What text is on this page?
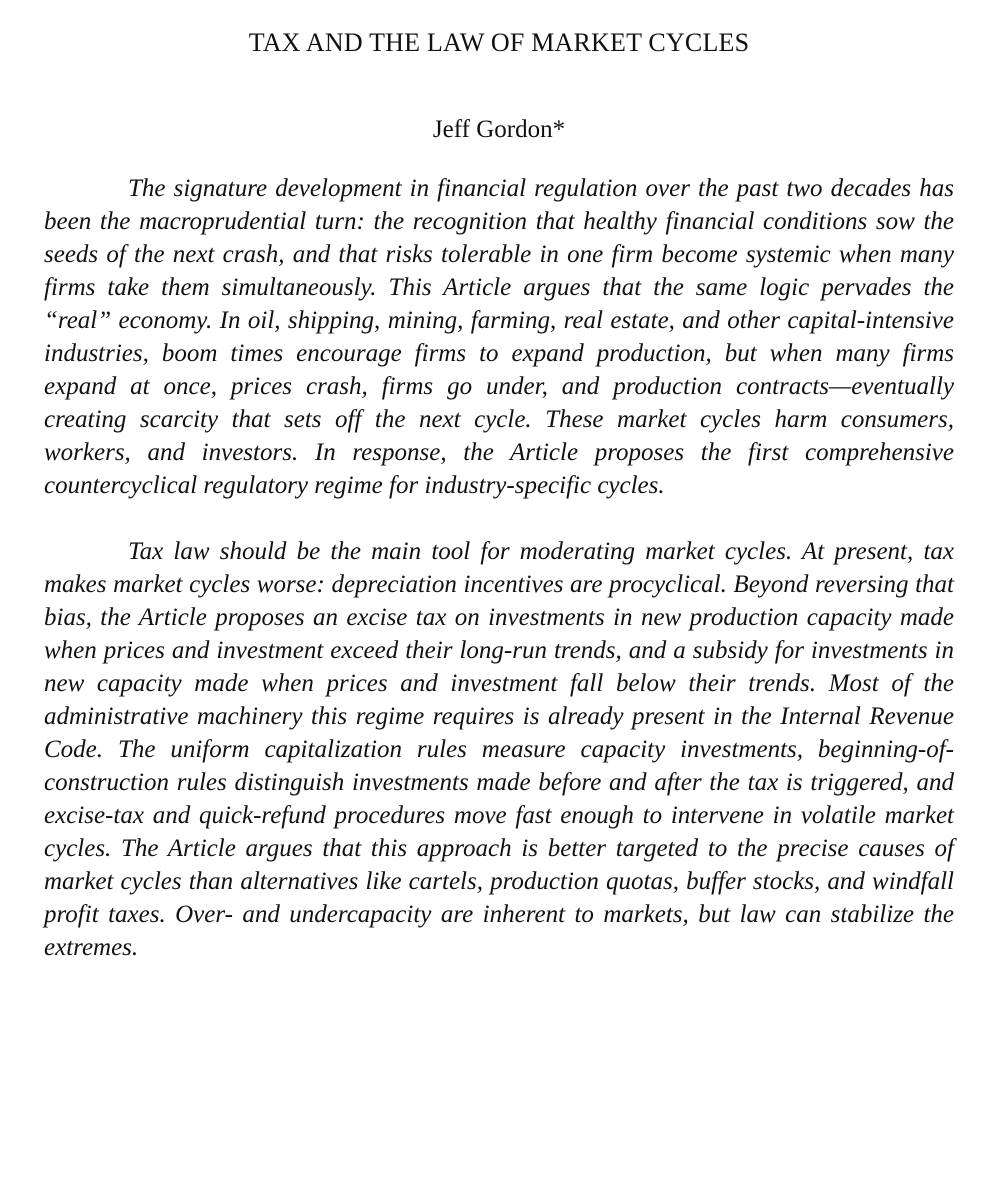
TAX AND THE LAW OF MARKET CYCLES
Jeff Gordon*

The signature development in financial regulation over the past two decades has been the macroprudential turn: the recognition that healthy financial conditions sow the seeds of the next crash, and that risks tolerable in one firm become systemic when many firms take them simultaneously. This Article argues that the same logic pervades the “real” economy. In oil, shipping, mining, farming, real estate, and other capital-intensive industries, boom times encourage firms to expand production, but when many firms expand at once, prices crash, firms go under, and production contracts—eventually creating scarcity that sets off the next cycle. These market cycles harm consumers, workers, and investors. In response, the Article proposes the first comprehensive countercyclical regulatory regime for industry-specific cycles.

Tax law should be the main tool for moderating market cycles. At present, tax makes market cycles worse: depreciation incentives are procyclical. Beyond reversing that bias, the Article proposes an excise tax on investments in new production capacity made when prices and investment exceed their long-run trends, and a subsidy for investments in new capacity made when prices and investment fall below their trends. Most of the administrative machinery this regime requires is already present in the Internal Revenue Code. The uniform capitalization rules measure capacity investments, beginning-of-construction rules distinguish investments made before and after the tax is triggered, and excise-tax and quick-refund procedures move fast enough to intervene in volatile market cycles. The Article argues that this approach is better targeted to the precise causes of market cycles than alternatives like cartels, production quotas, buffer stocks, and windfall profit taxes. Over- and undercapacity are inherent to markets, but law can stabilize the extremes.
